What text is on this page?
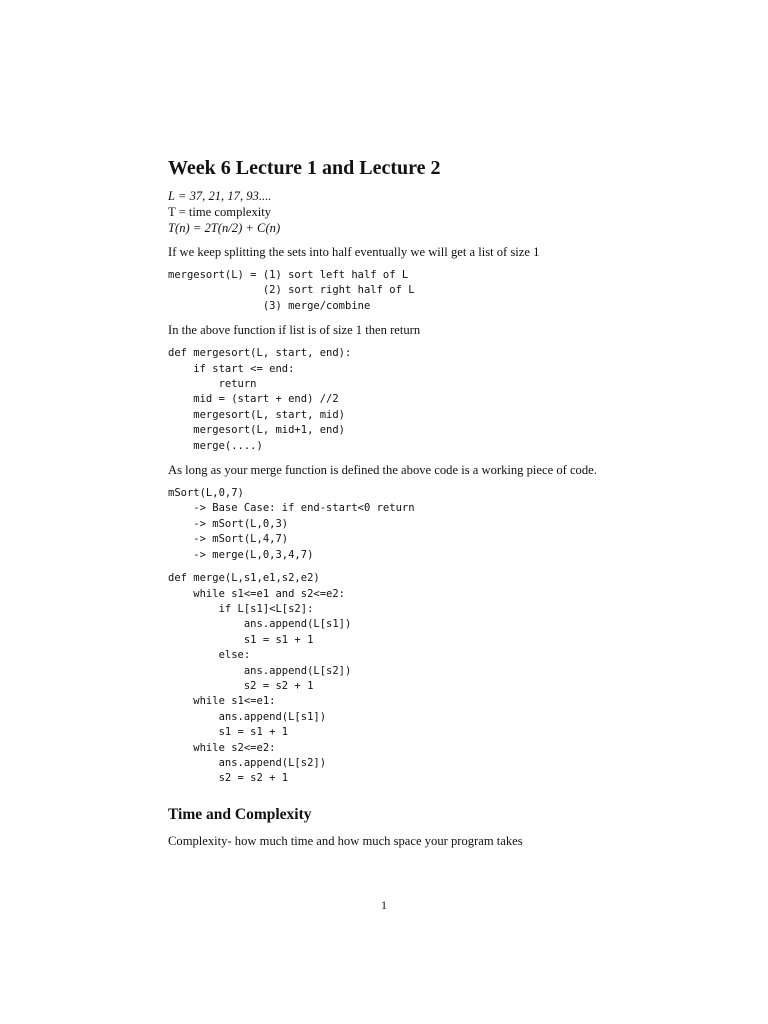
Week 6 Lecture 1 and Lecture 2

L = 37, 21, 17, 93....

T = time complexity

T(n) = 2T(n/2) + C(n)

If we keep splitting the sets into half eventually we will get a list of size 1

mergesort(L) = (1) sort left half of L
(2) sort right half of L
(3) merge/combine

In the above function if list is of size 1 then return

def mergesort(L, start, end):
if start <= end:
return
mid = (start + end) //2
mergesort(L, start, mid)
mergesort(L, mid+1, end)
merge(....)

As long as your merge function is defined the above code is a working piece of code.

mSort(L,0,7)
-> Base Case: if end-start<0 return
-> mSort(L,0,3)
-> mSort(L,4,7)
-> merge(L,0,3,4,7)
def merge(L,s1,e1,s2,e2)
while s1<=e1 and s2<=e2:
if L[s1]<L[s2]:
ans.append(L[s1])
s1 = s1 + 1
else:
ans.append(L[s2])
s2 = s2 + 1
while s1<=e1:
ans.append(L[s1])
s1 = s1 + 1
while s2<=e2:
ans.append(L[s2])
s2 = s2 + 1
Time and Complexity

Complexity- how much time and how much space your program takes

1
